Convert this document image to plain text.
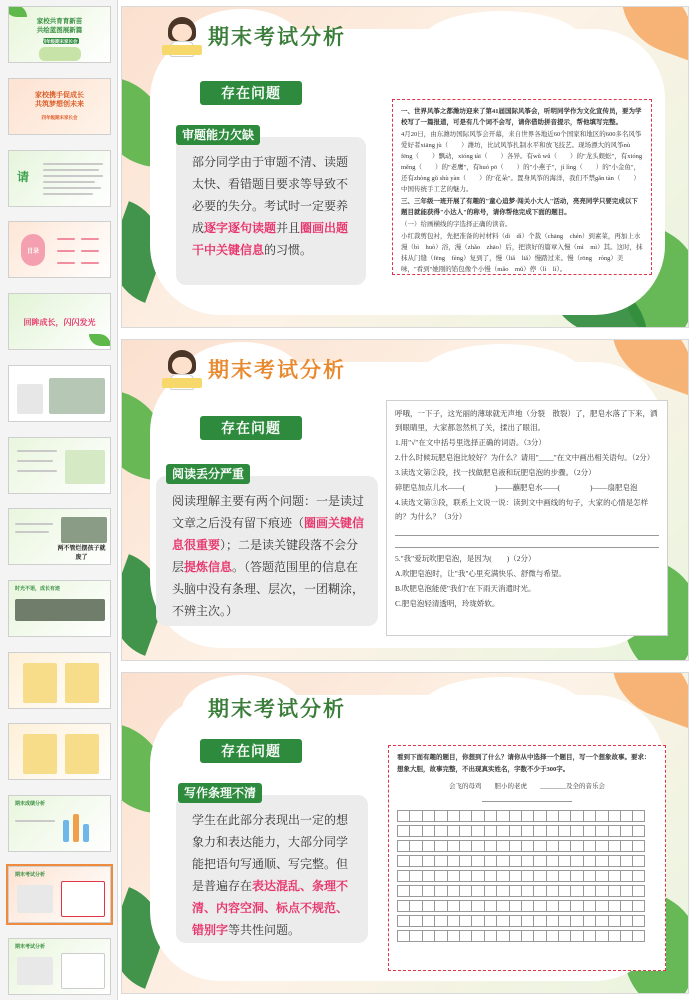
家校共育育新苗
共绘蓝图展新篇
四年级期末家长会
家校携手促成长
共筑梦想创未来
四年级期末家长会
请
目录
回眸成长，闪闪发光
两不管烂摆孩子就废了
时光不语，成长有迹
期末成绩分析
期末考试分析
期末考试分析
期末考试分析
存在问题
部分同学由于审题不清、读题太快、看错题目要求等导致不必要的失分。考试时一定要养成逐字逐句读题并且圈画出题干中关键信息的习惯。
审题能力欠缺

一、世界风筝之都潍坊迎来了第41届国际风筝会，听明同学作为文化宣传员，要为学校写了一篇报道，可是有几个词不会写，请你借助拼音提示，帮他填写完整。

4月20日，由东潍坊国际风筝会开幕，来自世界各地近60个国家和地区的600多名风筝爱好者xiāng jù（　　）潍坊，比试风筝扎制水平和放飞技艺。现场漂大的风筝nù fēng（　　）飘动，xióng tài（　　）各异。有wǔ wǔ（　　）的"龙头蜈蚣"，有xióng měng（　　）的"老鹰"，有huó pō（　　）的"小燕子"，jì lìng（　　）的"小金鱼"，还有zhòng gǔ shù yàn（　　）的"花朵"。置身风筝的海洋，我们不禁gǎn tàn（　　）中国传统手工艺的魅力。

三、三年级一班开展了有趣的"童心追梦·闯关小大人"活动，亮亮同学只要完成以下题目就能获得"小达人"的称号，请你帮他完成下面的题目。

（一）给画横线的字选择正确的读音。

小红裁剪包衬，先把准备的衬材料（dì　dì）个裁（chāng　chén）到素菜，再加上水漫（bì　huò）浴，漫（zhǎo　zhāo）后，把读好的篇章入慢（mì　mì）其。这时，抹抹从门缝（fēng　fèng）复到了，慢（liǎ　liǎ）慢踏过来。慢（rōng　róng）美味，"看到"她刚的馅包像个小慢（mǎo　mǔ）停（lì　lí）。

期末考试分析
存在问题
阅读理解主要有两个问题：一是读过文章之后没有留下痕迹（圈画关键信息很重要）；二是读关键段落不会分层提炼信息。（答题范围里的信息在头脑中没有条理、层次，一团糊涂，不辨主次。）
阅读丢分严重

呼哦，一下子，这光丽的薄球就无声地（分裂　散裂）了，肥皂水落了下来，洒到眼睛里，大家都忽然机了关，揉出了眼泪。

1.用"√"在文中括号里选择正确的词语。（3分）

2.什么时候玩肥皂泡比较好？为什么？请用"____"在文中画出相关语句。（2分）

3.读选文第②段，找一找做肥皂液和玩肥皂泡的步骤。（2分）

碎肥皂加点儿水——(　　　　)——蘸肥皂水——(　　　　)——扇肥皂泡

4.读选文第③段，联系上文说一说：读到文中画线的句子，大家的心情是怎样的？为什么？（3分）

5."我"爱玩吹肥皂泡，是因为(　　)（2分）

A.吹肥皂泡时，让"我"心里充满快乐、舒微与希望。

B.吹肥皂泡能使"我们"在下雨天消遣时光。

C.肥皂泡轻清透明，玲珑娇软。

期末考试分析
存在问题
学生在此部分表现出一定的想象力和表达能力，大部分同学能把语句写通顺、写完整。但是普遍存在表达混乱、条理不清、内容空洞、标点不规范、错别字等共性问题。
写作条理不清

看到下面有趣的题目，你想到了什么？请你从中选择一个题目，写一个想象故事。要求：

想象大胆，故事完整，不出现真实姓名，字数不少于300字。

会飞的母鸡　　胆小的老虎　　________及全的音乐会
